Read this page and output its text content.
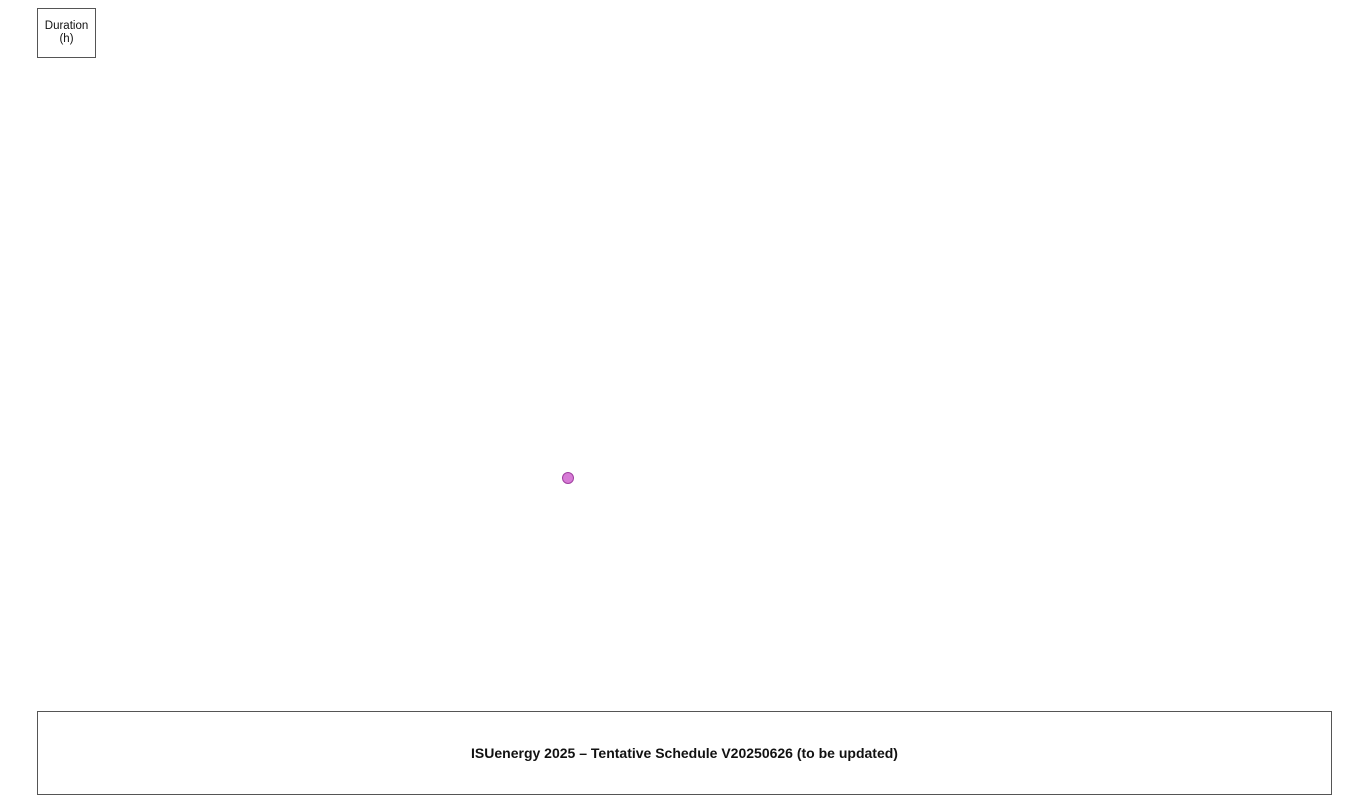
Duration
(h)
ISUenergy 2025 – Tentative Schedule V20250626 (to be updated)
